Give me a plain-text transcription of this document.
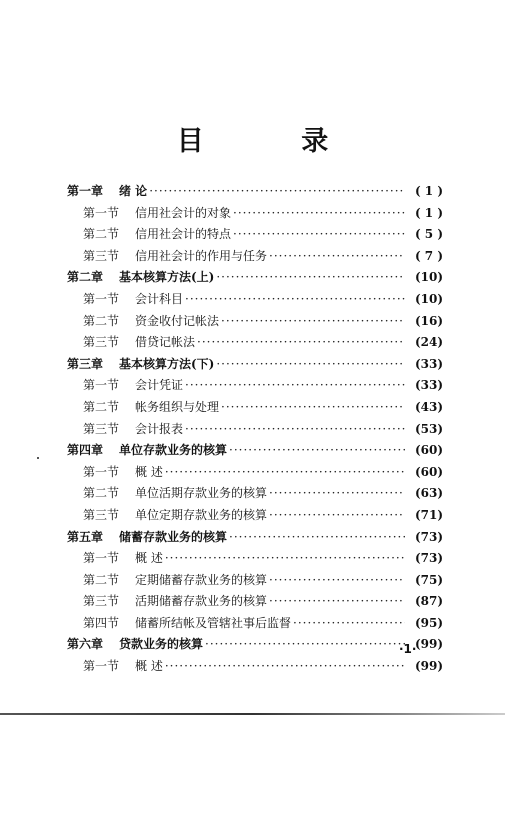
目 录
第一章	绪 论 ·····	( 1 )
第一节	信用社会计的对象 ·····	( 1 )
第二节	信用社会计的特点 ·····	( 5 )
第三节	信用社会计的作用与任务 ·····	( 7 )
第二章	基本核算方法(上) ·····	(10)
第一节	会计科目 ·····	(10)
第二节	资金收付记帐法 ·····	(16)
第三节	借贷记帐法 ·····	(24)
第三章	基本核算方法(下) ·····	(33)
第一节	会计凭证 ·····	(33)
第二节	帐务组织与处理 ·····	(43)
第三节	会计报表 ·····	(53)
第四章	单位存款业务的核算 ·····	(60)
第一节	概 述 ·····	(60)
第二节	单位活期存款业务的核算 ·····	(63)
第三节	单位定期存款业务的核算 ·····	(71)
第五章	储蓄存款业务的核算 ·····	(73)
第一节	概 述 ·····	(73)
第二节	定期储蓄存款业务的核算 ·····	(75)
第三节	活期储蓄存款业务的核算 ·····	(87)
第四节	储蓄所结帐及管辖社事后监督 ·····	(95)
第六章	贷款业务的核算 ·····	(99)
第一节	概 述 ·····	(99)
·1·
